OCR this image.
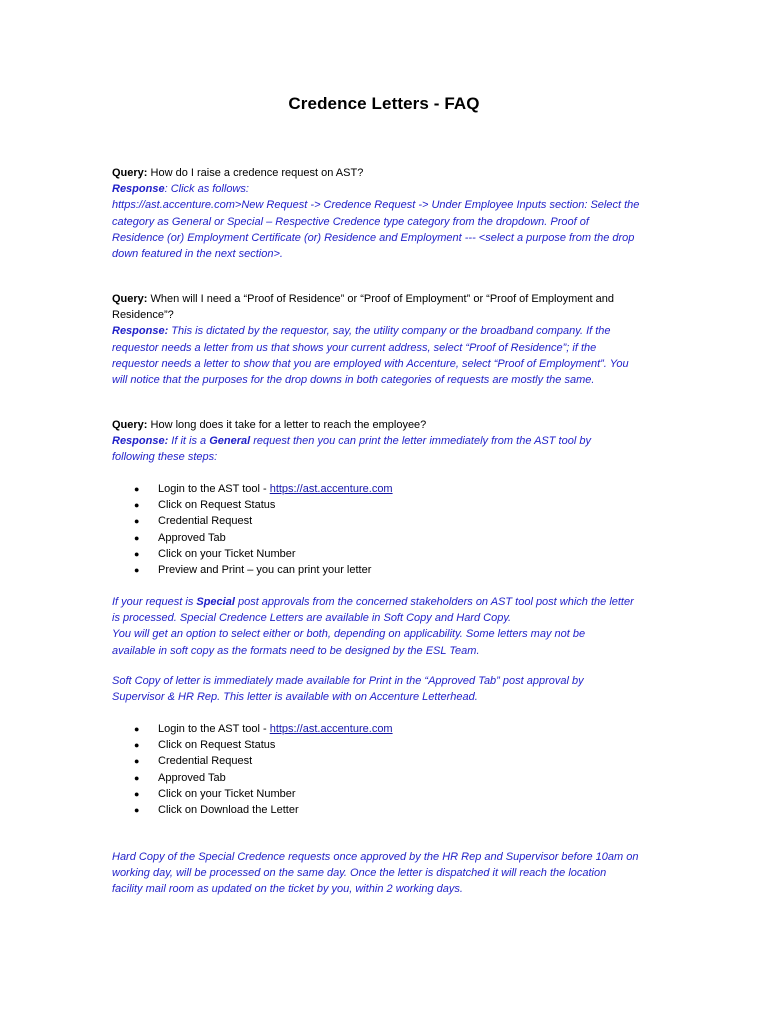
Credence Letters - FAQ
Query: How do I raise a credence request on AST?
Response: Click as follows:
https://ast.accenture.com>New Request -> Credence Request -> Under Employee Inputs section: Select the
category as General or Special – Respective Credence type category from the dropdown. Proof of
Residence (or) Employment Certificate (or) Residence and Employment --- <select a purpose from the drop
down featured in the next section>.
Query: When will I need a “Proof of Residence” or “Proof of Employment” or “Proof of Employment and
Residence”?
Response: This is dictated by the requestor, say, the utility company or the broadband company. If the
requestor needs a letter from us that shows your current address, select “Proof of Residence”; if the
requestor needs a letter to show that you are employed with Accenture, select “Proof of Employment”. You
will notice that the purposes for the drop downs in both categories of requests are mostly the same.
Query: How long does it take for a letter to reach the employee?
Response: If it is a General request then you can print the letter immediately from the AST tool by
following these steps:
● Login to the AST tool - https://ast.accenture.com
● Click on Request Status
● Credential Request
● Approved Tab
● Click on your Ticket Number
● Preview and Print – you can print your letter
If your request is Special post approvals from the concerned stakeholders on AST tool post which the letter
is processed. Special Credence Letters are available in Soft Copy and Hard Copy.
You will get an option to select either or both, depending on applicability. Some letters may not be
available in soft copy as the formats need to be designed by the ESL Team.
Soft Copy of letter is immediately made available for Print in the “Approved Tab” post approval by
Supervisor & HR Rep. This letter is available with on Accenture Letterhead.
● Login to the AST tool - https://ast.accenture.com
● Click on Request Status
● Credential Request
● Approved Tab
● Click on your Ticket Number
● Click on Download the Letter
Hard Copy of the Special Credence requests once approved by the HR Rep and Supervisor before 10am on
working day, will be processed on the same day. Once the letter is dispatched it will reach the location
facility mail room as updated on the ticket by you, within 2 working days.
